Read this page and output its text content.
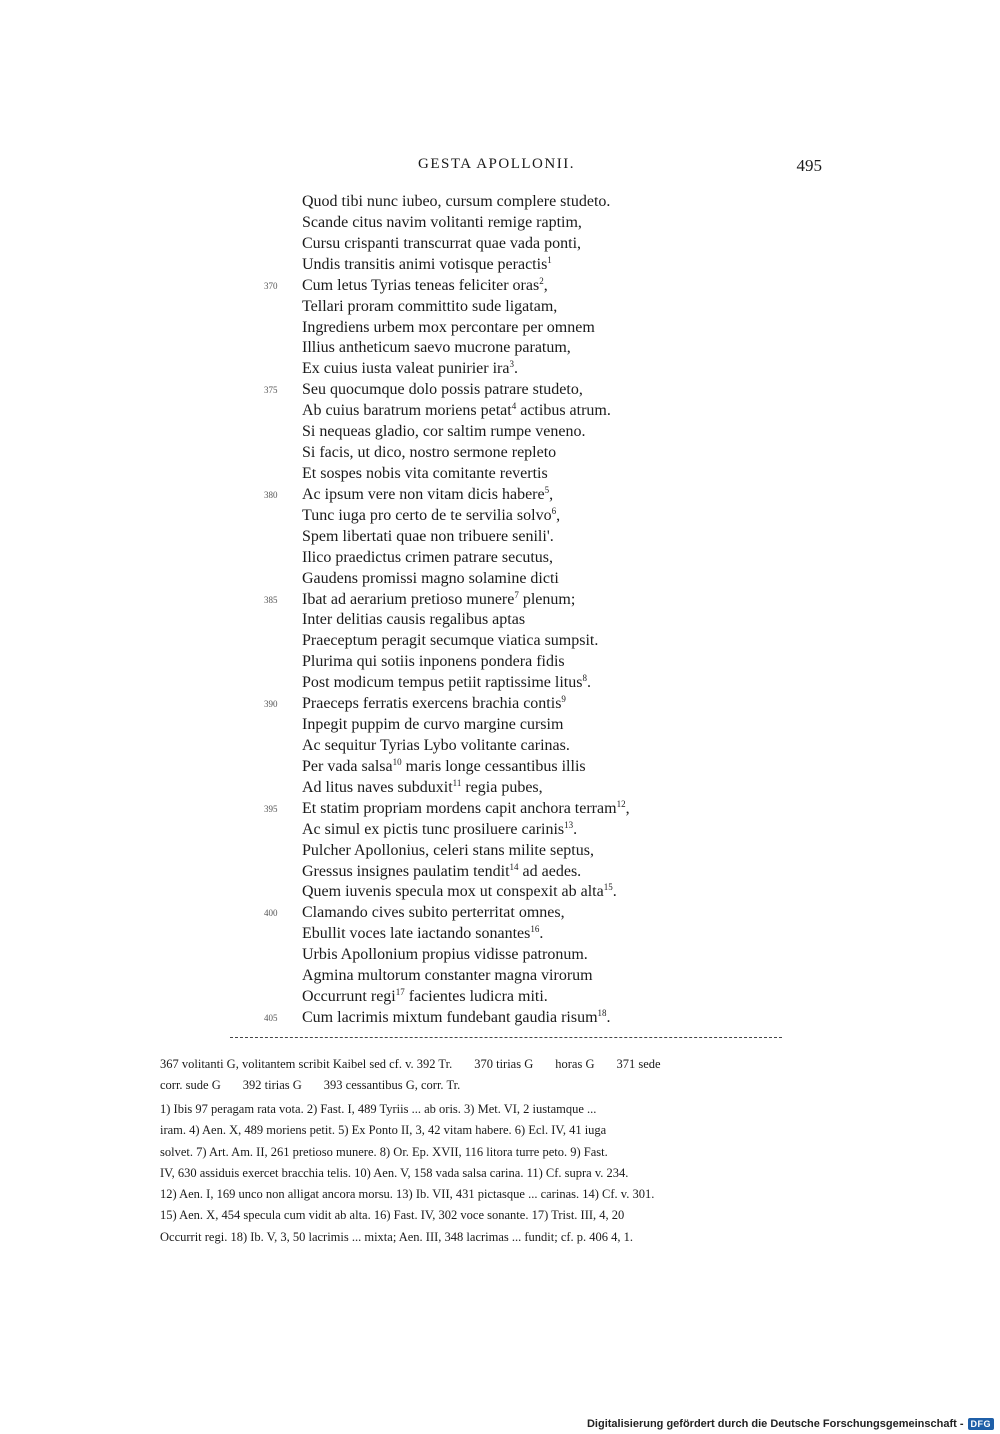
GESTA APOLLONII.	495
Quod tibi nunc iubeo, cursum complere studeto.
Scande citus navim volitanti remige raptim,
Cursu crispanti transcurrat quae vada ponti,
Undis transitis animi votisque peractis$^1$
370 Cum letus Tyrias teneas feliciter oras$^2$,
Tellari proram committito sude ligatam,
Ingrediens urbem mox percontare per omnem
Illius antheticum saevo mucrone paratum,
Ex cuius iusta valeat punirier ira$^3$.
375 Seu quocumque dolo possis patrare studeto,
Ab cuius baratrum moriens petat$^4$ actibus atrum.
Si nequeas gladio, cor saltim rumpe veneno.
Si facis, ut dico, nostro sermone repleto
Et sospes nobis vita comitante revertis
380 Ac ipsum vere non vitam dicis habere$^5$,
Tunc iuga pro certo de te servilia solvo$^6$,
Spem libertati quae non tribuere senili'.
Ilico praedictus crimen patrare secutus,
Gaudens promissi magno solamine dicti
385 Ibat ad aerarium pretioso munere$^7$ plenum;
Inter delitias causis regalibus aptas
Praeceptum peragit secumque viatica sumpsit.
Plurima qui sotiis inponens pondera fidis
Post modicum tempus petiit raptissime litus$^8$.
390 Praeceps ferratis exercens brachia contis$^9$
Inpegit puppim de curvo margine cursim
Ac sequitur Tyrias Lybo volitante carinas.
Per vada salsa$^{10}$ maris longe cessantibus illis
Ad litus naves subduxit$^{11}$ regia pubes,
395 Et statim propriam mordens capit anchora terram$^{12}$,
Ac simul ex pictis tunc prosiluere carinis$^{13}$.
Pulcher Apollonius, celeri stans milite septus,
Gressus insignes paulatim tendit$^{14}$ ad aedes.
Quem iuvenis specula mox ut conspexit ab alta$^{15}$.
400 Clamando cives subito perterritat omnes,
Ebullit voces late iactando sonantes$^{16}$.
Urbis Apollonium propius vidisse patronum.
Agmina multorum constanter magna virorum
Occurrunt regi$^{17}$ facientes ludicra miti.
405 Cum lacrimis mixtum fundebant gaudia risum$^{18}$.
367 volitanti G, volitantem scribit Kaibel sed cf. v. 392 Tr. 370 tirias G horas G 371 sede
corr. sude G 392 tirias G 393 cessantibus G, corr. Tr.
1) Ibis 97 peragam rata vota. 2) Fast. I, 489 Tyriis ... ab oris. 3) Met. VI, 2 iustamque ...
iram. 4) Aen. X, 489 moriens petit. 5) Ex Ponto II, 3, 42 vitam habere. 6) Ecl. IV, 41 iuga
solvet. 7) Art. Am. II, 261 pretioso munere. 8) Or. Ep. XVII, 116 litora turre peto. 9) Fast.
IV, 630 assiduis exercet bracchia telis. 10) Aen. V, 158 vada salsa carina. 11) Cf. supra v. 234.
12) Aen. I, 169 unco non alligat ancora morsu. 13) Ib. VII, 431 pictasque ... carinas. 14) Cf. v. 301.
15) Aen. X, 454 specula cum vidit ab alta. 16) Fast. IV, 302 voce sonante. 17) Trist. III, 4, 20
Occurrit regi. 18) Ib. V, 3, 50 lacrimis ... mixta; Aen. III, 348 lacrimas ... fundit; cf. p. 406 4, 1.
Digitalisierung gefördert durch die Deutsche Forschungsgemeinschaft - DFG
